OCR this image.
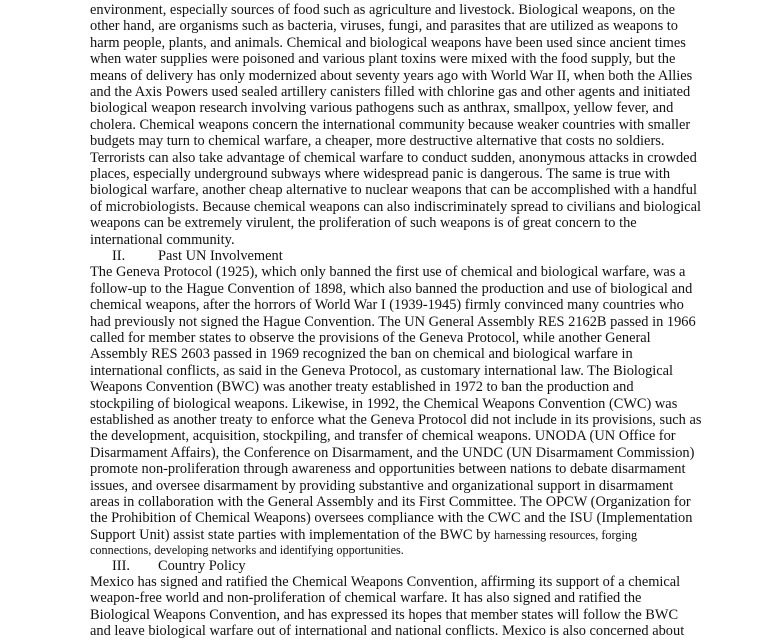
environment, especially sources of food such as agriculture and livestock. Biological weapons, on the
other hand, are organisms such as bacteria, viruses, fungi, and parasites that are utilized as weapons to
harm people, plants, and animals. Chemical and biological weapons have been used since ancient times
when water supplies were poisoned and various plant toxins were mixed with the food supply, but the
means of delivery has only modernized about seventy years ago with World War II, when both the Allies
and the Axis Powers used sealed artillery canisters filled with chlorine gas and other agents and initiated
biological weapon research involving various pathogens such as anthrax, smallpox, yellow fever, and
cholera. Chemical weapons concern the international community because weaker countries with smaller
budgets may turn to chemical warfare, a cheaper, more destructive alternative that costs no soldiers.
Terrorists can also take advantage of chemical warfare to conduct sudden, anonymous attacks in crowded
places, especially underground subways where widespread panic is dangerous. The same is true with
biological warfare, another cheap alternative to nuclear weapons that can be accomplished with a handful
of microbiologists. Because chemical weapons can also indiscriminately spread to civilians and biological
weapons can be extremely virulent, the proliferation of such weapons is of great concern to the
international community.
II. Past UN Involvement
The Geneva Protocol (1925), which only banned the first use of chemical and biological warfare, was a
follow-up to the Hague Convention of 1898, which also banned the production and use of biological and
chemical weapons, after the horrors of World War I (1939-1945) firmly convinced many countries who
had previously not signed the Hague Convention. The UN General Assembly RES 2162B passed in 1966
called for member states to observe the provisions of the Geneva Protocol, while another General
Assembly RES 2603 passed in 1969 recognized the ban on chemical and biological warfare in
international conflicts, as said in the Geneva Protocol, as customary international law. The Biological
Weapons Convention (BWC) was another treaty established in 1972 to ban the production and
stockpiling of biological weapons. Likewise, in 1992, the Chemical Weapons Convention (CWC) was
established as another treaty to enforce what the Geneva Protocol did not include in its provisions, such as
the development, acquisition, stockpiling, and transfer of chemical weapons. UNODA (UN Office for
Disarmament Affairs), the Conference on Disarmament, and the UNDC (UN Disarmament Commission)
promote non-proliferation through awareness and opportunities between nations to debate disarmament
issues, and oversee disarmament by providing substantive and organizational support in disarmament
areas in collaboration with the General Assembly and its First Committee. The OPCW (Organization for
the Prohibition of Chemical Weapons) oversees compliance with the CWC and the ISU (Implementation
Support Unit) assist state parties with implementation of the BWC by harnessing resources, forging
connections, developing networks and identifying opportunities.
III. Country Policy
Mexico has signed and ratified the Chemical Weapons Convention, affirming its support of a chemical
weapon-free world and non-proliferation of chemical warfare. It has also signed and ratified the
Biological Weapons Convention, and has expressed its hopes that member states will follow the BWC
and leave biological warfare out of international and national conflicts. Mexico is also concerned about
